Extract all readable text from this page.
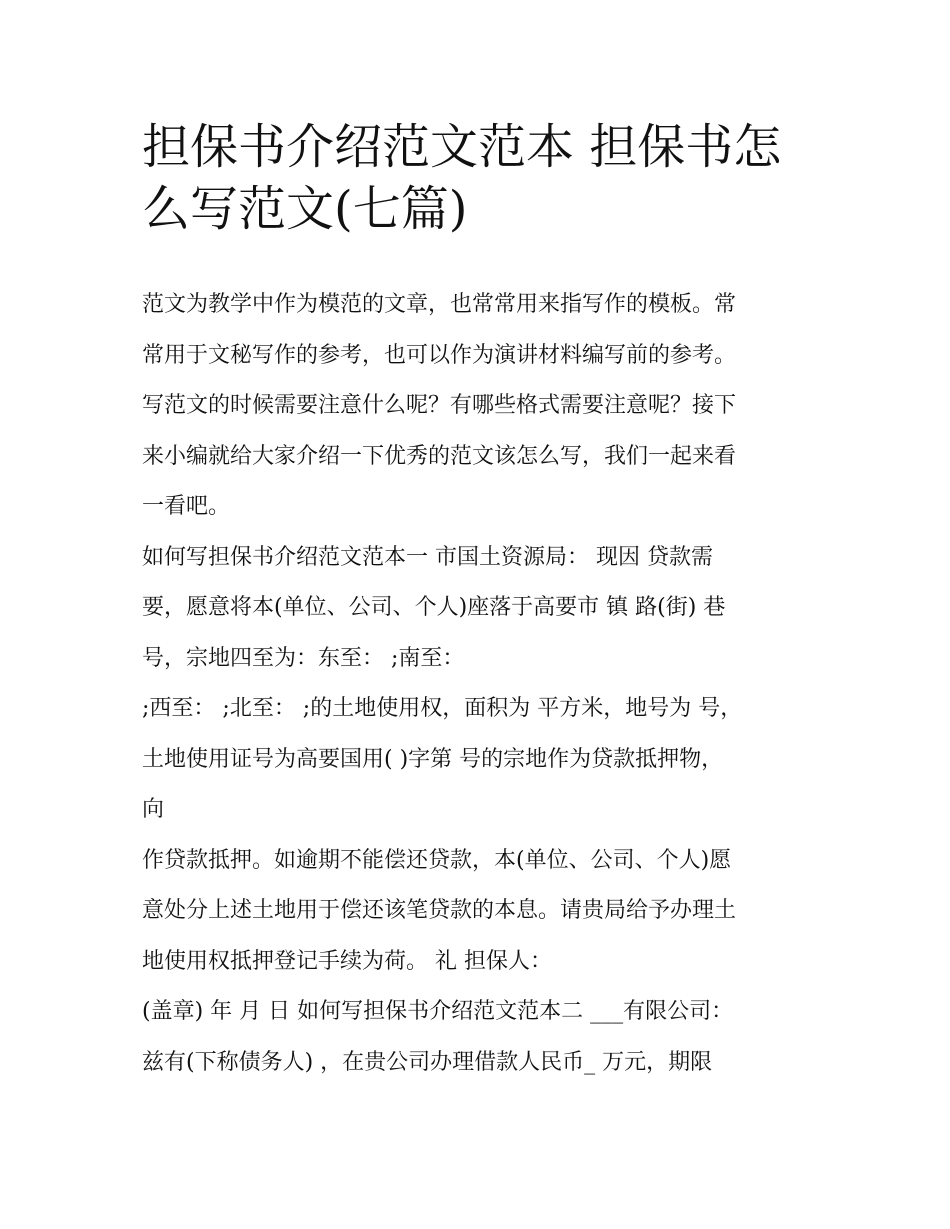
担保书介绍范文范本 担保书怎
么写范文(七篇)
范文为教学中作为模范的文章，也常常用来指写作的模板。常
常用于文秘写作的参考，也可以作为演讲材料编写前的参考。
写范文的时候需要注意什么呢？有哪些格式需要注意呢？接下
来小编就给大家介绍一下优秀的范文该怎么写，我们一起来看
一看吧。
如何写担保书介绍范文范本一 市国土资源局： 现因 贷款需
要，愿意将本(单位、公司、个人)座落于高要市 镇 路(街) 巷
号，宗地四至为：东至： ;南至：
;西至： ;北至： ;的土地使用权，面积为 平方米，地号为 号，
土地使用证号为高要国用( )字第 号的宗地作为贷款抵押物，
向
作贷款抵押。如逾期不能偿还贷款，本(单位、公司、个人)愿
意处分上述土地用于偿还该笔贷款的本息。请贵局给予办理土
地使用权抵押登记手续为荷。 礼 担保人：
(盖章) 年 月 日 如何写担保书介绍范文范本二 ___有限公司：
兹有(下称债务人) ，在贵公司办理借款人民币_ 万元，期限
